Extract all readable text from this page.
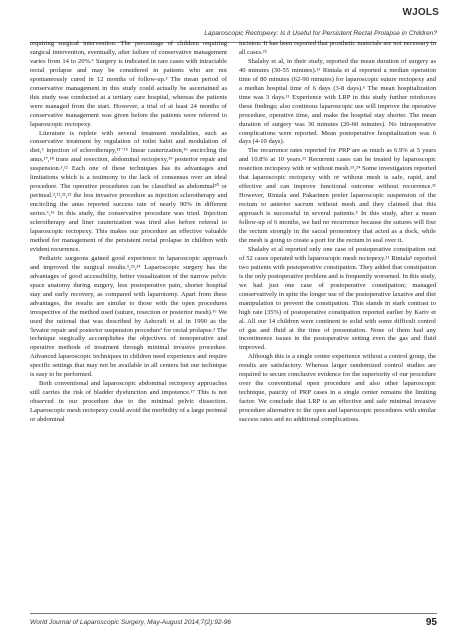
WJOLS
Laparoscopic Rectopexy: Is it Useful for Persistent Rectal Prolapse in Children?

requiring surgical intervention. The percentage of children requiring surgical intervention, eventually, after failure of conservative management varies from 14 to 20%.⁶ Surgery is indicated in rare cases with intractable rectal prolapse and may be considered in patients who are not spontaneously cured in 12 months of follow-up.³ The mean period of conservative management in this study could actually be ascertained as this study was conducted at a tertiary care hospital, whereas the patients were managed from the start. However, a trial of at least 24 months of conservative management was given before the patients were referred to laparoscopic rectopexy.

Literature is replete with several treatment modalities, such as conservative treatment by regulation of toilet habit and modulation of diet,⁶ injection of sclerotherapy,¹³⁻¹⁵ linear cauterization,¹⁶ encircling the anus,¹⁷,¹⁸ trans anal resection, abdominal rectopexy,¹⁹ posterior repair and suspension.³,¹² Each one of these techniques has its advantages and limitations which is a testimony to the lack of consensus over an ideal procedure. The operative procedures can be classified as abdominal²⁰ or perineal.³,¹²,²¹,²² the less invasive procedure as injection sclerotherapy and encircling the anus reported success rate of nearly 90% in different series.⁶,¹⁵ In this study, the conservative procedure was tried. Injection sclerotherapy and liner cauterization was tried also before referral to laparoscopic rectopexy. This makes our procedure an effective valuable method for management of the persistent rectal prolapse in children with evident recurrence.

Pediatric surgeons gained good experience in laparoscopic approach and improved the surgical results.⁵,²³,²⁴ Laparoscopic surgery has the advantages of good accessibility, better visualization of the narrow pelvic space anatomy during surgery, less postoperative pain, shorter hospital stay and early recovery, as compared with laparotomy. Apart from these advantages, the results are similar to those with the open procedures irrespective of the method used (suture, resection or posterior mesh).¹⁶ We used the rational that was described by Ashcraft et al in 1990 as the 'levator repair and posterior suspension procedure' for rectal prolapse.³ The technique surgically accomplishes the objectives of nonoperative and operative methods of treatment through minimal invasive procedure. Advanced laparoscopic techniques in children need experience and require specific settings that may not be available in all centers but our technique is easy to be performed.

Both conventional and laparoscopic abdominal rectopexy approaches still carries the risk of bladder dysfunction and impotence.¹⁷ This is not observed in our procedure due to the minimal pelvic dissection. Laparoscopic mesh rectopexy could avoid the morbidity of a large perineal or abdominal

incision. It has been reported that prosthetic materials are not necessary in all cases.²⁵

Shalaby et al, in their study, reported the mean duration of surgery as 40 minutes (30-55 minutes).¹¹ Rintala et al reported a median operation time of 80 minutes (62-90 minutes) for laparoscopic suture rectopexy and a median hospital time of 6 days (3-8 days).⁵ The mean hospitalization time was 3 days.¹¹ Experience with LRP in this study further reinforces these findings; also continous laparoscopic use will improve the operative procedure, operative time, and make the hospital stay shorter. The mean duration of surgery was 30 minutes (20-60 minutes). No intraoperative complications were reported. Mean postoperative hospitalization was 6 days (4-10 days).

The recurrence rates reported for PRP are as much as 6.9% at 5 years and 10.8% at 10 years.¹¹ Recurrent cases can be treated by laparoscopic resection rectopexy with or without mesh.¹⁵,²⁴ Some investigators reported that laparoscopic rectopexy with or without mesh is safe, rapid, and effective and can improve functional outcome without recurrence.²¹ However, Rintala and Pakarinen prefer laparoscopic suspension of the rectum to anterior sacrum without mesh and they claimed that this approach is successful in several patients.⁵ In this study, after a mean follow-up of 6 months, we had no recurrence because the sutures will fixe the rectum strongly in the sacral promontory that acted as a dock, while the mesh is going to create a port for the rectum to seal over it.

Shalaby et al reported only one case of postoperative constipation out of 52 cases operated with laparoscopic mesh rectopexy.¹¹ Rintala⁵ reported two patients with postoperative constipation. They added that constipation is the only postoperative problem and is frequently worsened. In this study, we had just one case of postoperative constipation; managed conservatively in spite the longer use of the postoperative laxative and diet manipulation to prevent the constipation. This stands in stark contrast to high rate (35%) of postoperative constipation reported earlier by Kariv et al. All our 14 children were continent to solid with some difficult control of gas and fluid at the time of presentation. None of them had any incontinence issues in the postoperative setting even the gas and fluid improved.

Although this is a single center experience without a control group, the results are satisfactory. Whereas larger randomized control studies are required to secure conclusive evidence for the superiority of our procedure over the conventional open procedure and also other laparoscopic technique, paucity of PRP cases in a single center remains the limiting factor. We conclude that LRP is an effective and safe minimal invasive procedure alternative to the open and laparoscopic procedures with similar success rates and no additional complications.

World Journal of Laparoscopic Surgery, May-August 2014;7(2):92-96	95
